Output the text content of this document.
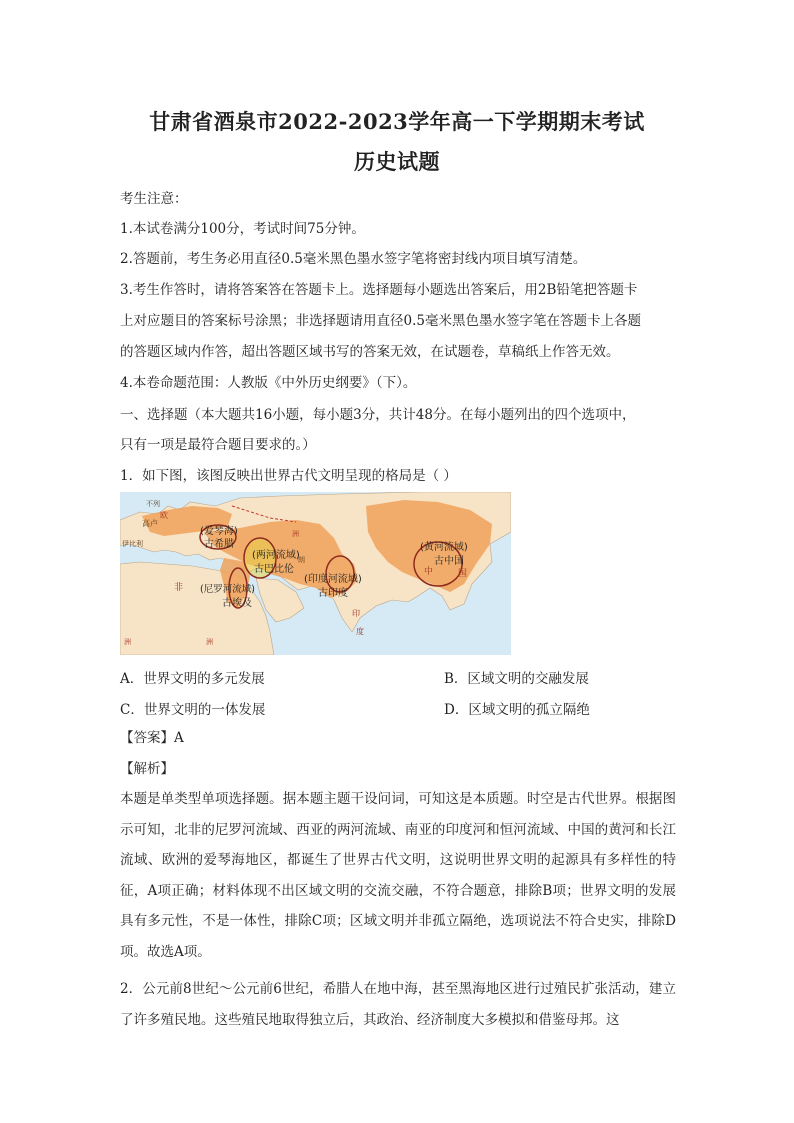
甘肃省酒泉市2022-2023学年高一下学期期末考试
历史试题
考生注意：
1.本试卷满分100分，考试时间75分钟。
2.答题前，考生务必用直径0.5毫米黑色墨水签字笔将密封线内项目填写清楚。
3.考生作答时，请将答案答在答题卡上。选择题每小题选出答案后，用2B铅笔把答题卡
上对应题目的答案标号涂黑；非选择题请用直径0.5毫米黑色墨水签字笔在答题卡上各题
的答题区域内作答，超出答题区域书写的答案无效，在试题卷，草稿纸上作答无效。
4.本卷命题范围：人教版《中外历史纲要》（下）。
一、选择题（本大题共16小题，每小题3分，共计48分。在每小题列出的四个选项中，
只有一项是最符合题目要求的。）
1．如下图，该图反映出世界古代文明呈现的格局是（ ）
不列
欧
高卢
伊比利
(爱琴海)
古希腊
(两河流域)
古巴比伦
(尼罗河流域)
古埃及
(印度河流域)
古印度
(黄河流域)
古中国
中	国
印
度
非
洲	洲
洲
朗
A．世界文明的多元发展	B．区域文明的交融发展
C．世界文明的一体发展	D．区域文明的孤立隔绝
【答案】A
【解析】
本题是单类型单项选择题。据本题主题干设问词，可知这是本质题。时空是古代世界。根据图示可知，北非的尼罗河流域、西亚的两河流域、南亚的印度河和恒河流域、中国的黄河和长江流域、欧洲的爱琴海地区，都诞生了世界古代文明，这说明世界文明的起源具有多样性的特征，A项正确；材料体现不出区域文明的交流交融，不符合题意，排除B项；世界文明的发展具有多元性，不是一体性，排除C项；区域文明并非孤立隔绝，选项说法不符合史实，排除D项。故选A项。
2．公元前8世纪～公元前6世纪，希腊人在地中海，甚至黑海地区进行过殖民扩张活动，建立了许多殖民地。这些殖民地取得独立后，其政治、经济制度大多模拟和借鉴母邦。这
